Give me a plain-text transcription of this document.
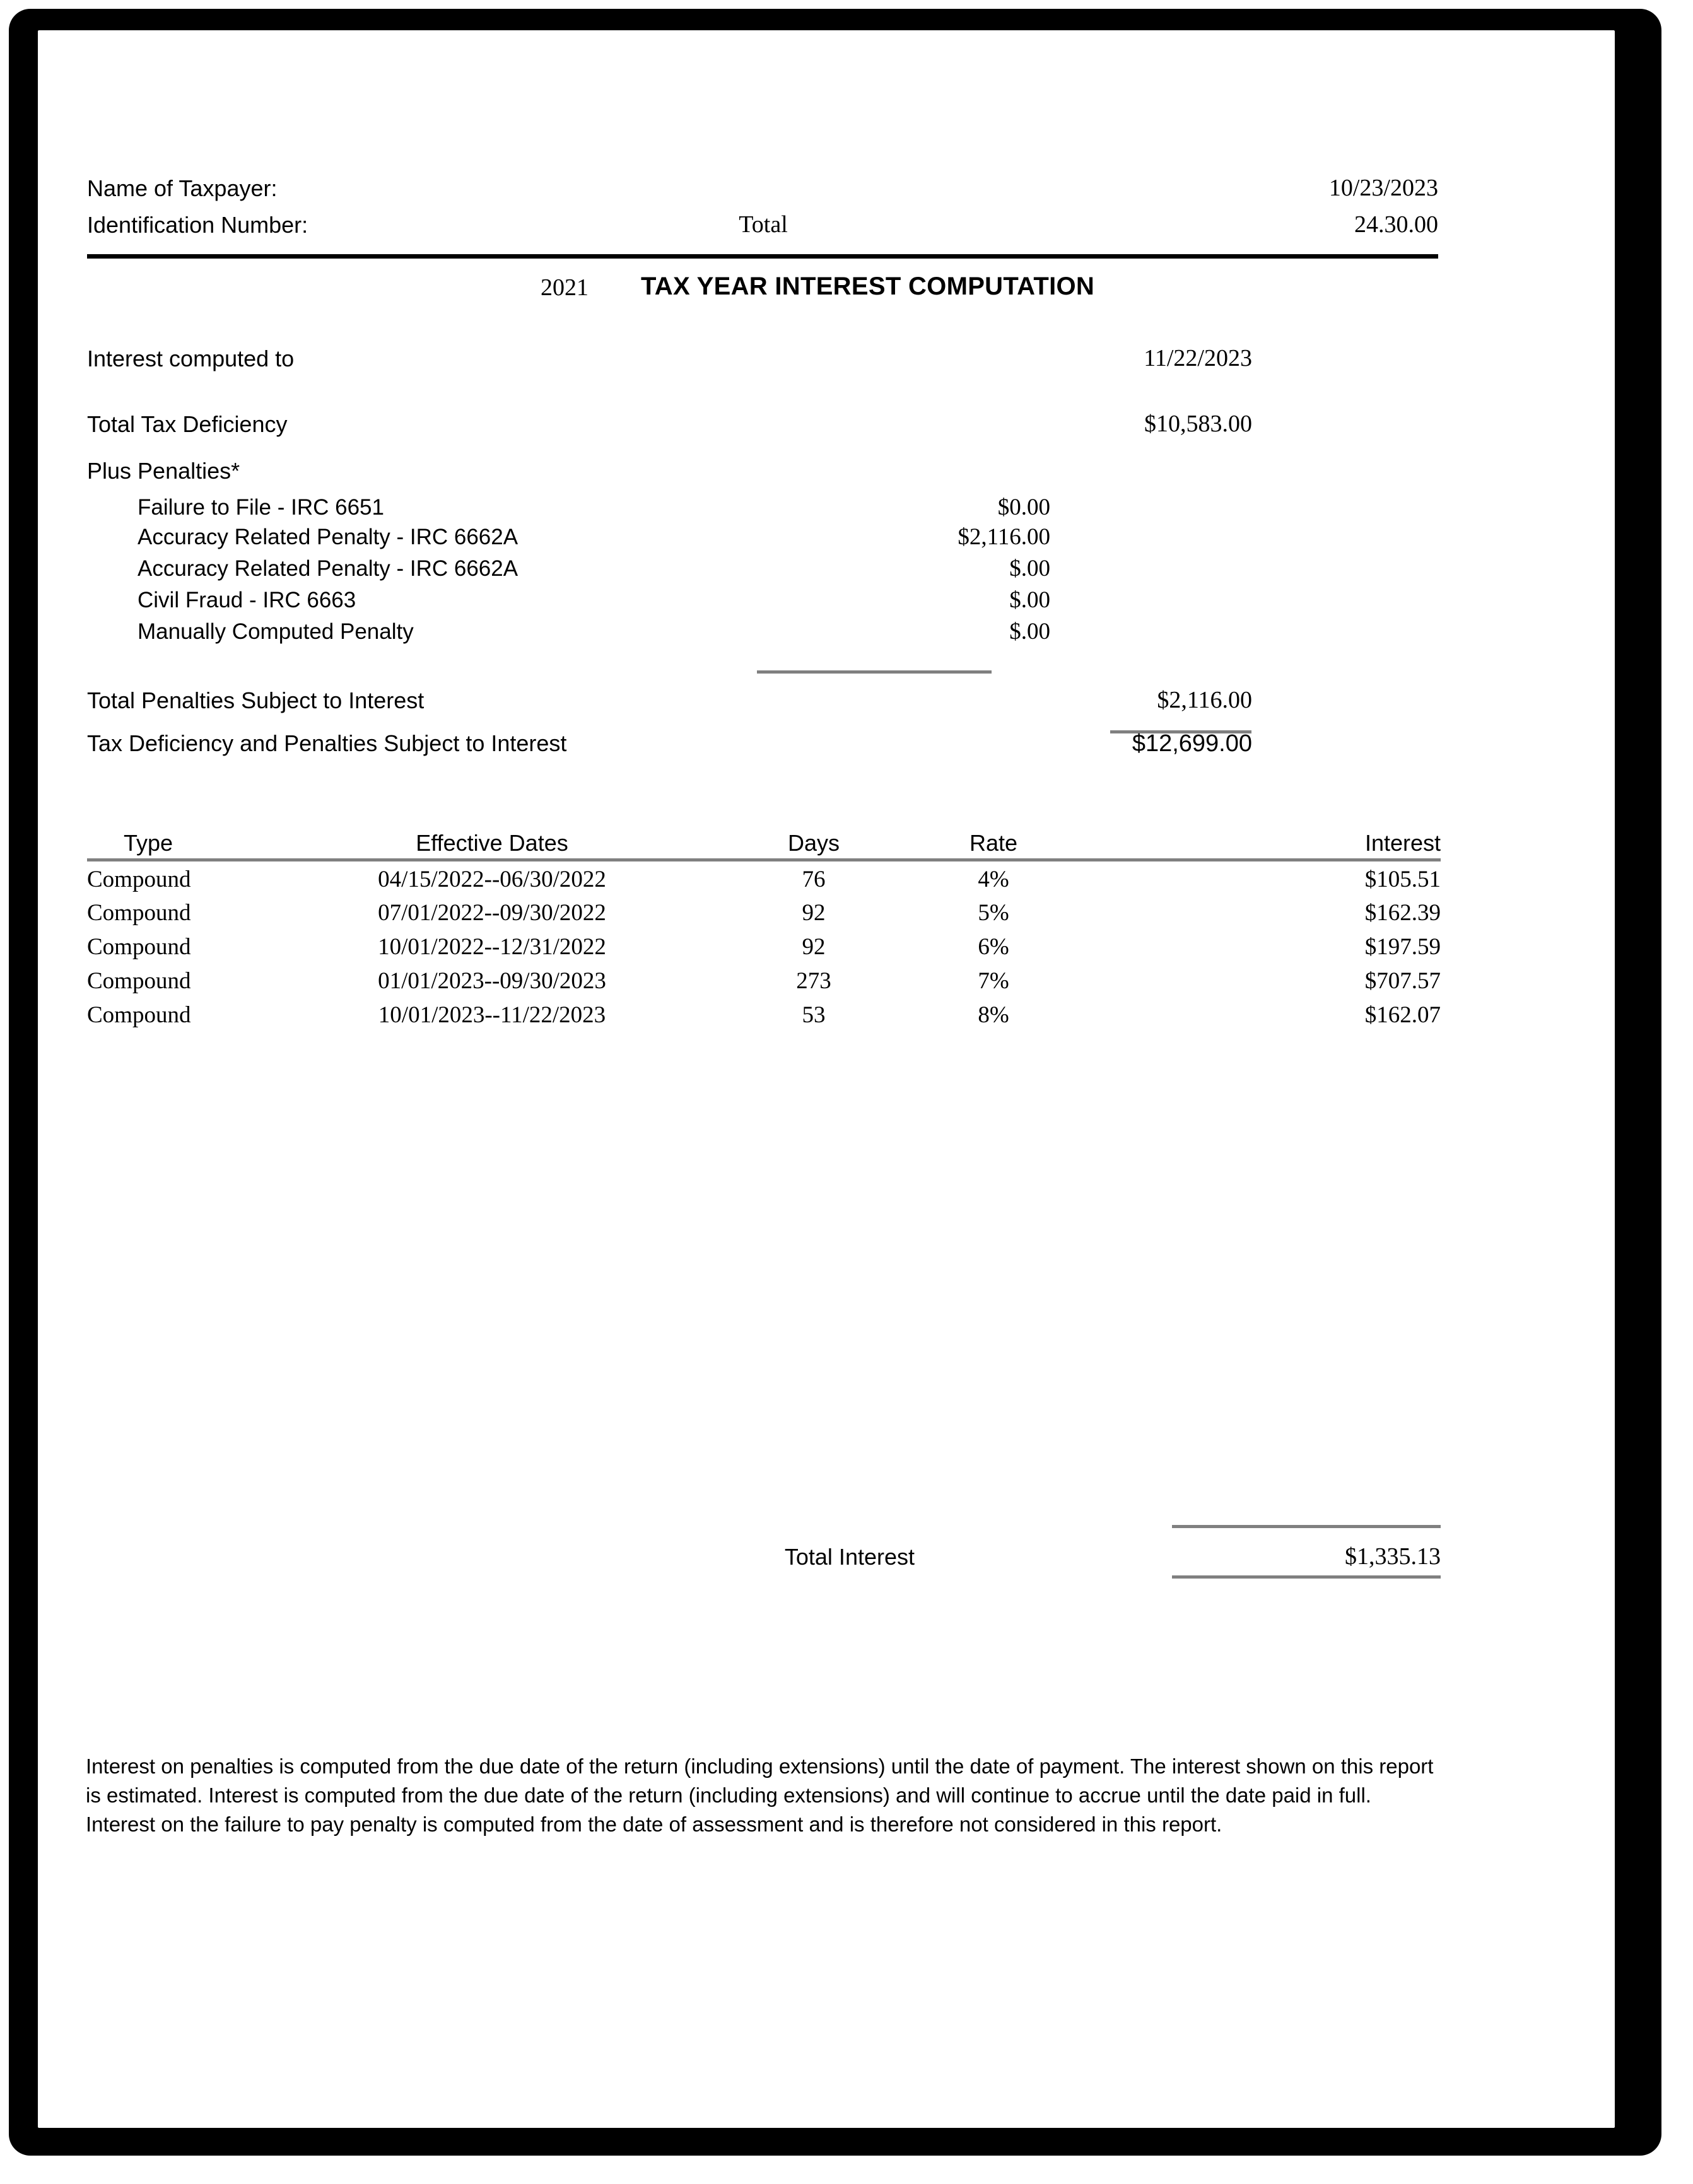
Name of Taxpayer:	10/23/2023
Identification Number:	Total	24.30.00
2021 TAX YEAR INTEREST COMPUTATION
Interest computed to	11/22/2023
Total Tax Deficiency	$10,583.00
Plus Penalties*
Failure to File - IRC 6651	$0.00
Accuracy Related Penalty - IRC 6662A	$2,116.00
Accuracy Related Penalty - IRC 6662A	$.00
Civil Fraud - IRC 6663	$.00
Manually Computed Penalty	$.00
Total Penalties Subject to Interest	$2,116.00
Tax Deficiency and Penalties Subject to Interest	$12,699.00
Type	Effective Dates	Days	Rate	Interest
Compound	04/15/2022--06/30/2022	76	4%	$105.51
Compound	07/01/2022--09/30/2022	92	5%	$162.39
Compound	10/01/2022--12/31/2022	92	6%	$197.59
Compound	01/01/2023--09/30/2023	273	7%	$707.57
Compound	10/01/2023--11/22/2023	53	8%	$162.07
Total Interest	$1,335.13
Interest on penalties is computed from the due date of the return (including extensions) until the date of payment. The interest shown on this report is estimated. Interest is computed from the due date of the return (including extensions) and will continue to accrue until the date paid in full. Interest on the failure to pay penalty is computed from the date of assessment and is therefore not considered in this report.
